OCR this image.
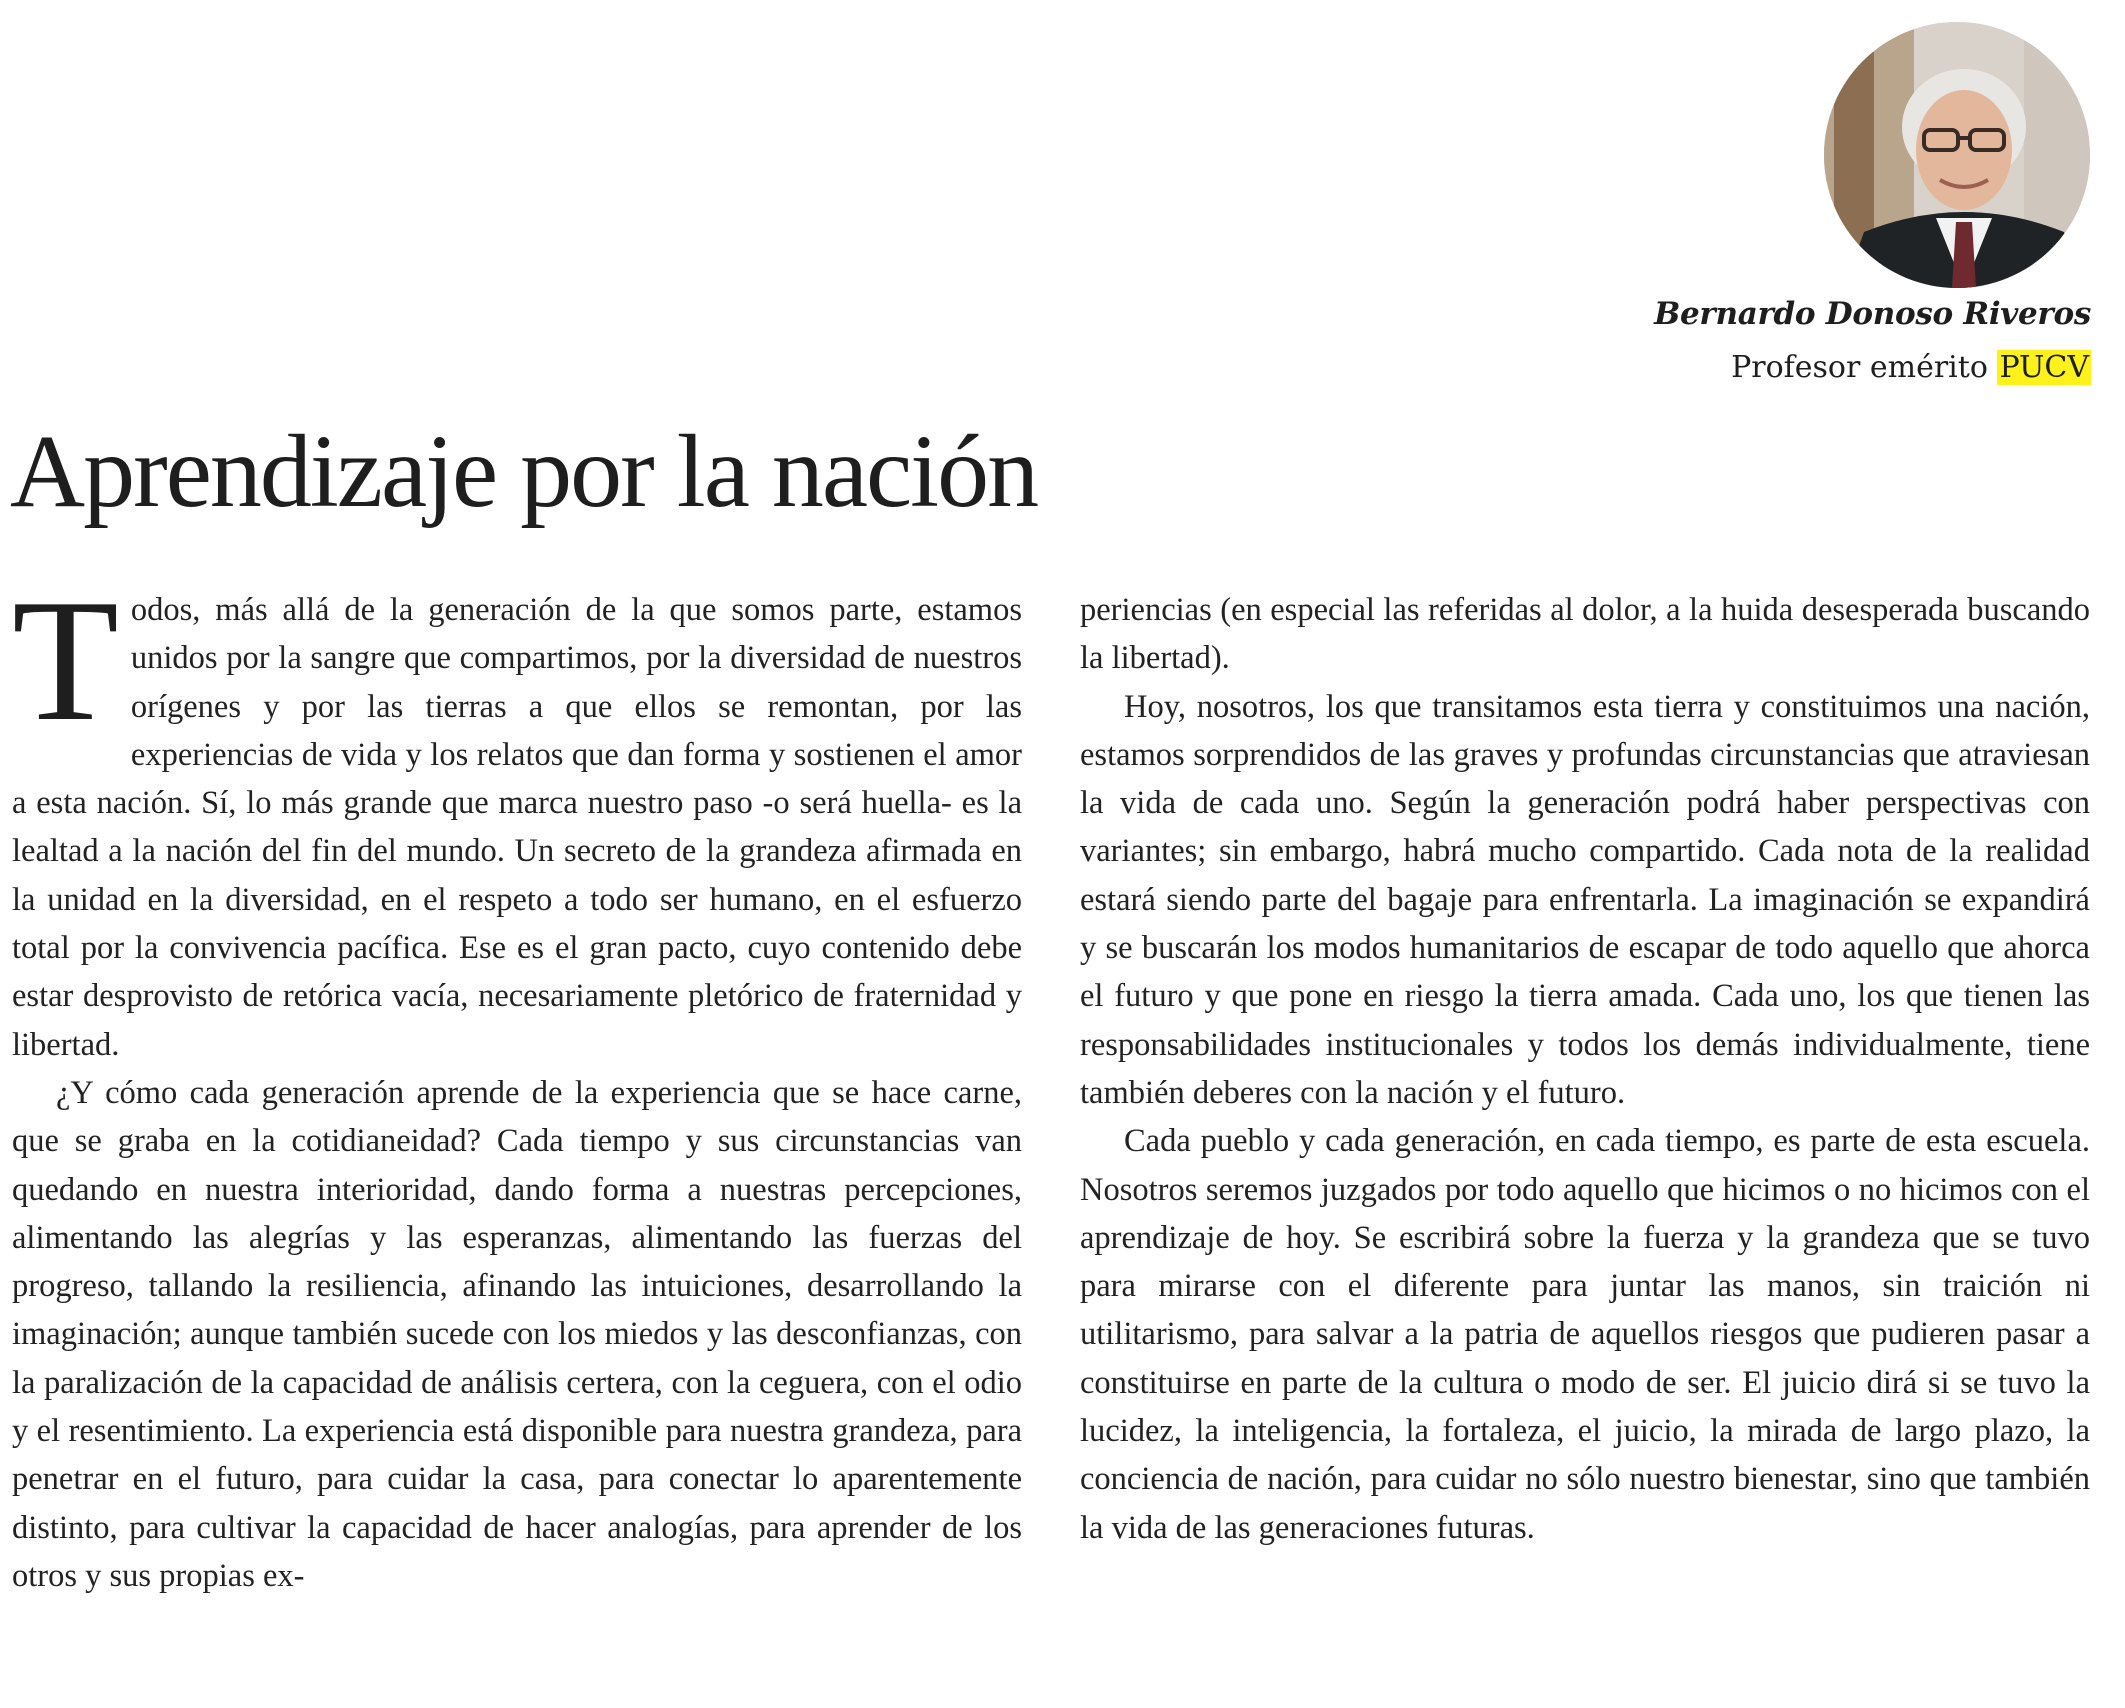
Bernardo Donoso Riveros
Profesor emérito PUCV
Aprendizaje por la nación

Todos, más allá de la generación de la que somos parte, estamos unidos por la sangre que compartimos, por la diversidad de nuestros orígenes y por las tierras a que ellos se remontan, por las experiencias de vida y los relatos que dan forma y sostienen el amor a esta nación. Sí, lo más grande que marca nuestro paso -o será huella- es la lealtad a la nación del fin del mundo. Un secreto de la grandeza afirmada en la unidad en la diversidad, en el respeto a todo ser humano, en el esfuerzo total por la convivencia pacífica. Ese es el gran pacto, cuyo contenido debe estar desprovisto de retórica vacía, necesariamente pletórico de fraternidad y libertad.

¿Y cómo cada generación aprende de la experiencia que se hace carne, que se graba en la cotidianeidad? Cada tiempo y sus circunstancias van quedando en nuestra interioridad, dando forma a nuestras percepciones, alimentando las alegrías y las esperanzas, alimentando las fuerzas del progreso, tallando la resiliencia, afinando las intuiciones, desarrollando la imaginación; aunque también sucede con los miedos y las desconfianzas, con la paralización de la capacidad de análisis certera, con la ceguera, con el odio y el resentimiento. La experiencia está disponible para nuestra grandeza, para penetrar en el futuro, para cuidar la casa, para conectar lo aparentemente distinto, para cultivar la capacidad de hacer analogías, para aprender de los otros y sus propias ex-

periencias (en especial las referidas al dolor, a la huida desesperada buscando la libertad).

Hoy, nosotros, los que transitamos esta tierra y constituimos una nación, estamos sorprendidos de las graves y profundas circunstancias que atraviesan la vida de cada uno. Según la generación podrá haber perspectivas con variantes; sin embargo, habrá mucho compartido. Cada nota de la realidad estará siendo parte del bagaje para enfrentarla. La imaginación se expandirá y se buscarán los modos humanitarios de escapar de todo aquello que ahorca el futuro y que pone en riesgo la tierra amada. Cada uno, los que tienen las responsabilidades institucionales y todos los demás individualmente, tiene también deberes con la nación y el futuro.

Cada pueblo y cada generación, en cada tiempo, es parte de esta escuela. Nosotros seremos juzgados por todo aquello que hicimos o no hicimos con el aprendizaje de hoy. Se escribirá sobre la fuerza y la grandeza que se tuvo para mirarse con el diferente para juntar las manos, sin traición ni utilitarismo, para salvar a la patria de aquellos riesgos que pudieren pasar a constituirse en parte de la cultura o modo de ser. El juicio dirá si se tuvo la lucidez, la inteligencia, la fortaleza, el juicio, la mirada de largo plazo, la conciencia de nación, para cuidar no sólo nuestro bienestar, sino que también la vida de las generaciones futuras.
